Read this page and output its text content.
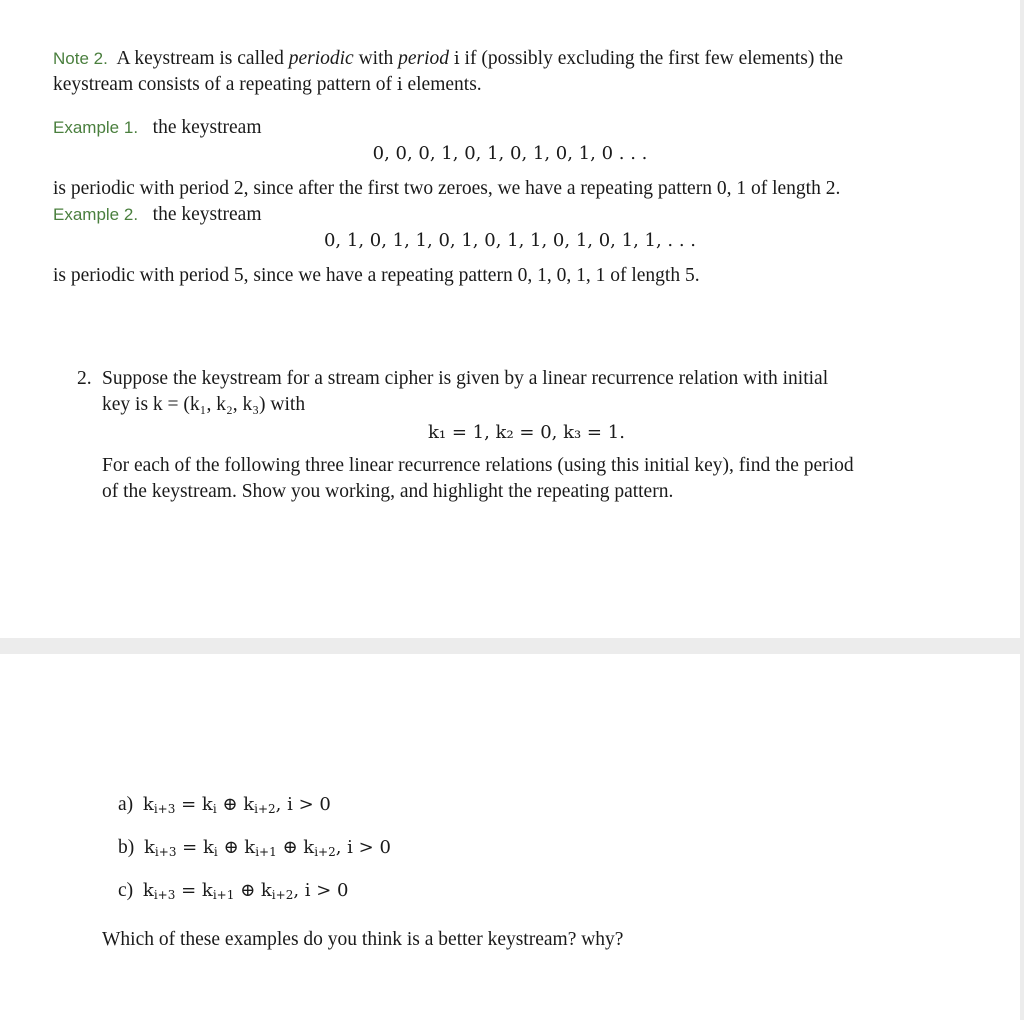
Note 2. A keystream is called periodic with period i if (possibly excluding the first few elements) the
keystream consists of a repeating pattern of i elements.
Example 1. the keystream
0, 0, 0, 1, 0, 1, 0, 1, 0, 1, 0 . . .
is periodic with period 2, since after the first two zeroes, we have a repeating pattern 0, 1 of length 2.
Example 2. the keystream
0, 1, 0, 1, 1, 0, 1, 0, 1, 1, 0, 1, 0, 1, 1, . . .
is periodic with period 5, since we have a repeating pattern 0, 1, 0, 1, 1 of length 5.
2. Suppose the keystream for a stream cipher is given by a linear recurrence relation with initial
key is k = (k₁, k₂, k₃) with
k₁ = 1, k₂ = 0, k₃ = 1.
For each of the following three linear recurrence relations (using this initial key), find the period
of the keystream. Show you working, and highlight the repeating pattern.
a) $k_{i+3} = k_i$ ⊕ $k_{i+2}$, i > 0
b) $k_{i+3} = k_i$ ⊕ $k_{i+1}$ ⊕ $k_{i+2}$, i > 0
c) $k_{i+3} = k_{i+1}$ ⊕ $k_{i+2}$, i > 0
Which of these examples do you think is a better keystream? why?
